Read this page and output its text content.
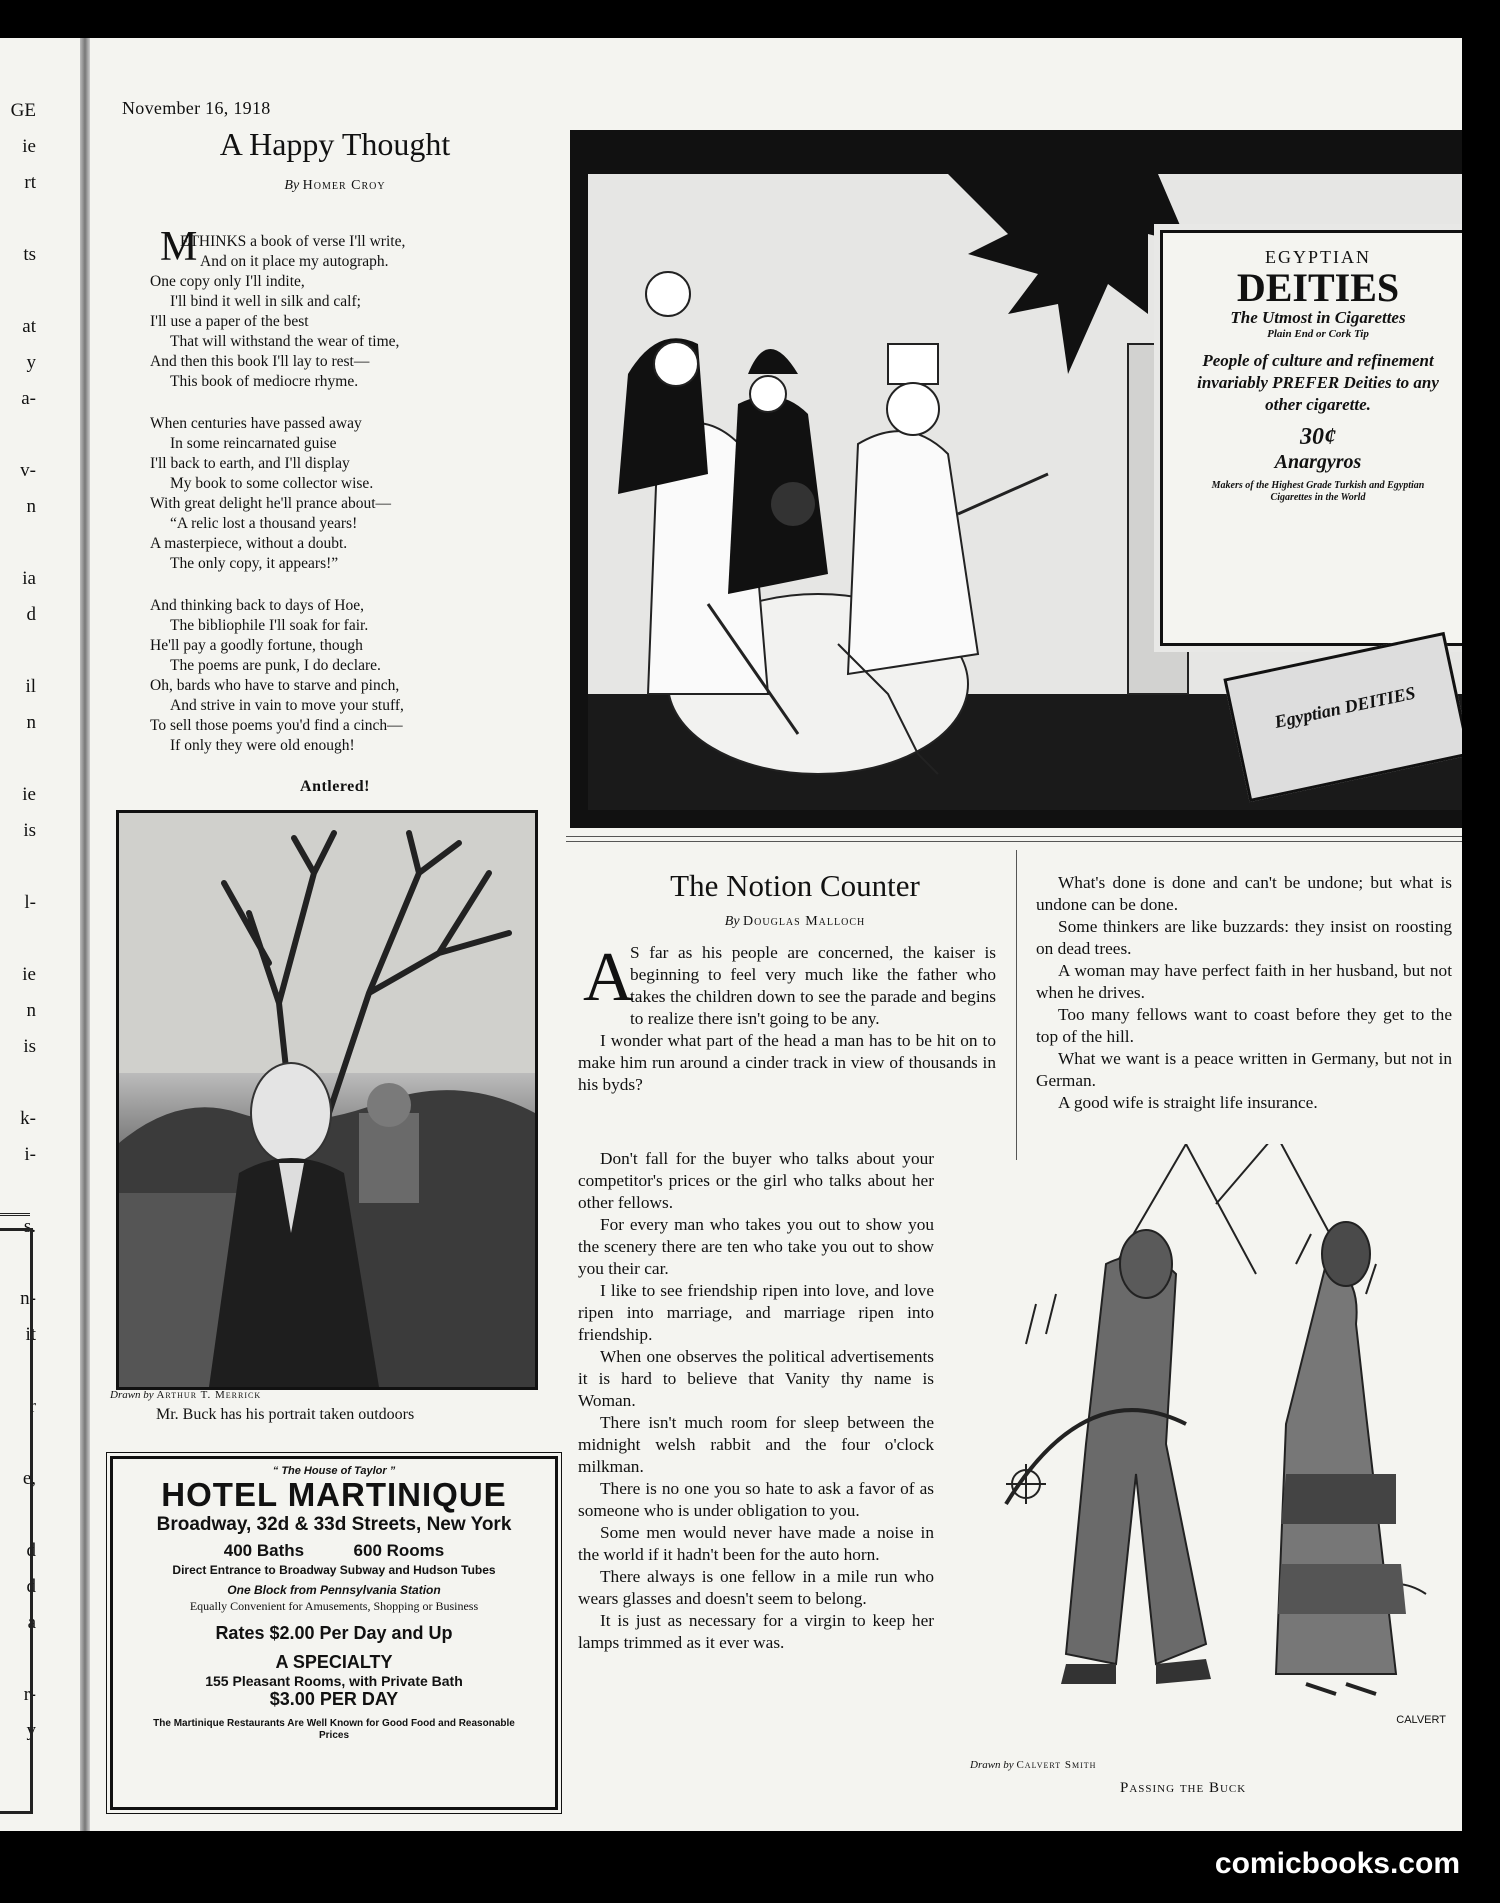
GE
ie
rt
ts
at
y
a-
v-
n
ia
d
il
n
ie
is
l-
ie
n
is
k-
i-
s.
n-
it
r
e,
d
d
a
r-
y
November 16, 1918
A Happy Thought
By Homer Croy
M
ETHINKS a book of verse I'll write,
And on it place my autograph.
One copy only I'll indite,
I'll bind it well in silk and calf;
I'll use a paper of the best
That will withstand the wear of time,
And then this book I'll lay to rest—
This book of mediocre rhyme.
When centuries have passed away
In some reincarnated guise
I'll back to earth, and I'll display
My book to some collector wise.
With great delight he'll prance about—
“A relic lost a thousand years!
A masterpiece, without a doubt.
The only copy, it appears!”
And thinking back to days of Hoe,
The bibliophile I'll soak for fair.
He'll pay a goodly fortune, though
The poems are punk, I do declare.
Oh, bards who have to starve and pinch,
And strive in vain to move your stuff,
To sell those poems you'd find a cinch—
If only they were old enough!
Antlered!
Drawn by Arthur T. Merrick
Mr. Buck has his portrait taken outdoors
“ The House of Taylor ”
HOTEL MARTINIQUE
Broadway, 32d & 33d Streets, New York
400 Baths	600 Rooms
Direct Entrance to Broadway Subway and Hudson Tubes
One Block from Pennsylvania Station
Equally Convenient for Amusements, Shopping or Business
Rates $2.00 Per Day and Up
A SPECIALTY
155 Pleasant Rooms, with Private Bath
$3.00 PER DAY
The Martinique Restaurants Are Well Known for Good Food and Reasonable Prices
EGYPTIAN
DEITIES
The Utmost in Cigarettes
Plain End or Cork Tip
People of culture and refinement invariably PREFER Deities to any other cigarette.
30¢
Anargyros
Makers of the Highest Grade Turkish and Egyptian Cigarettes in the World
Egyptian DEITIES
The Notion Counter
By Douglas Malloch
A

S far as his people are concerned, the kaiser is beginning to feel very much like the father who takes the children down to see the parade and begins to realize there isn't going to be any.

I wonder what part of the head a man has to be hit on to make him run around a cinder track in view of thousands in his byds?

Don't fall for the buyer who talks about your competitor's prices or the girl who talks about her other fellows.

For every man who takes you out to show you the scenery there are ten who take you out to show you their car.

I like to see friendship ripen into love, and love ripen into marriage, and marriage ripen into friendship.

When one observes the political advertisements it is hard to believe that Vanity thy name is Woman.

There isn't much room for sleep between the midnight welsh rabbit and the four o'clock milkman.

There is no one you so hate to ask a favor of as someone who is under obligation to you.

Some men would never have made a noise in the world if it hadn't been for the auto horn.

There always is one fellow in a mile run who wears glasses and doesn't seem to belong.

It is just as necessary for a virgin to keep her lamps trimmed as it ever was.

What's done is done and can't be undone; but what is undone can be done.

Some thinkers are like buzzards: they insist on roosting on dead trees.

A woman may have perfect faith in her husband, but not when he drives.

Too many fellows want to coast before they get to the top of the hill.

What we want is a peace written in Germany, but not in German.

A good wife is straight life insurance.

CALVERT
Drawn by Calvert Smith
Passing the Buck
comicbooks.com
